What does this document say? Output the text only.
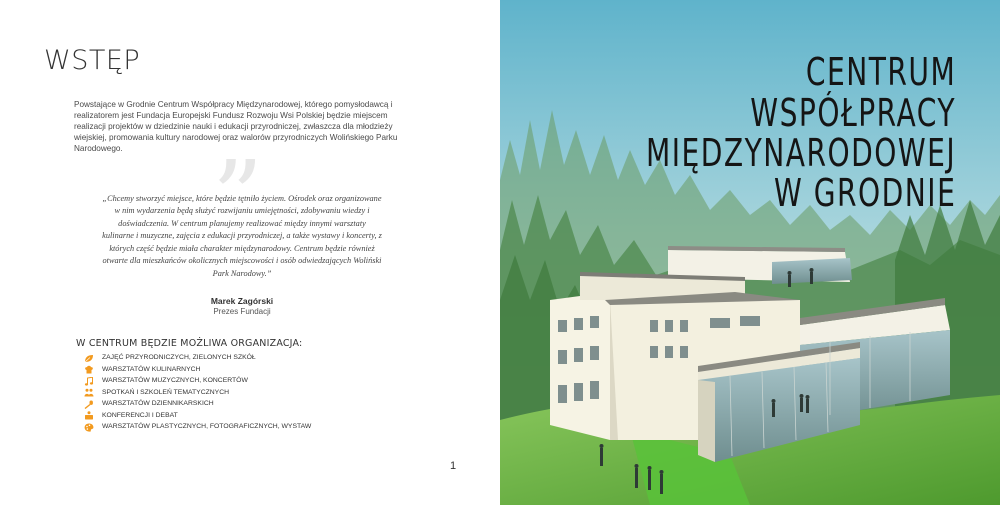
WSTĘP

Powstające w Grodnie Centrum Współpracy Międzynarodowej, którego pomysłodawcą i realizatorem jest Fundacja Europejski Fundusz Rozwoju Wsi Polskiej będzie miejscem realizacji projektów w dziedzinie nauki i edukacji przyrodniczej, zwłaszcza dla młodzieży wiejskiej, promowania kultury narodowej oraz walorów przyrodniczych Wolińskiego Parku Narodowego. ”

„Chcemy stworzyć miejsce, które będzie tętniło życiem. Ośrodek oraz organizowane w nim wydarzenia będą służyć rozwijaniu umiejętności, zdobywaniu wiedzy i doświadczenia. W centrum planujemy realizować między innymi warsztaty kulinarne i muzyczne, zajęcia z edukacji przyrodniczej, a także wystawy i koncerty, z których część będzie miała charakter międzynarodowy. Centrum będzie również otwarte dla mieszkańców okolicznych miejscowości i osób odwiedzających Woliński Park Narodowy.”

Marek Zagórski
Prezes Fundacji
W CENTRUM BĘDZIE MOŻLIWA ORGANIZACJA:
ZAJĘĆ PRZYRODNICZYCH, ZIELONYCH SZKÓŁ
WARSZTATÓW KULINARNYCH
WARSZTATÓW MUZYCZNYCH, KONCERTÓW
SPOTKAŃ I SZKOLEŃ TEMATYCZNYCH
WARSZTATÓW DZIENNIKARSKICH
KONFERENCJI I DEBAT
WARSZTATÓW PLASTYCZNYCH, FOTOGRAFICZNYCH, WYSTAW
1
CENTRUM
WSPÓŁPRACY
MIĘDZYNARODOWEJ
W GRODNIE
